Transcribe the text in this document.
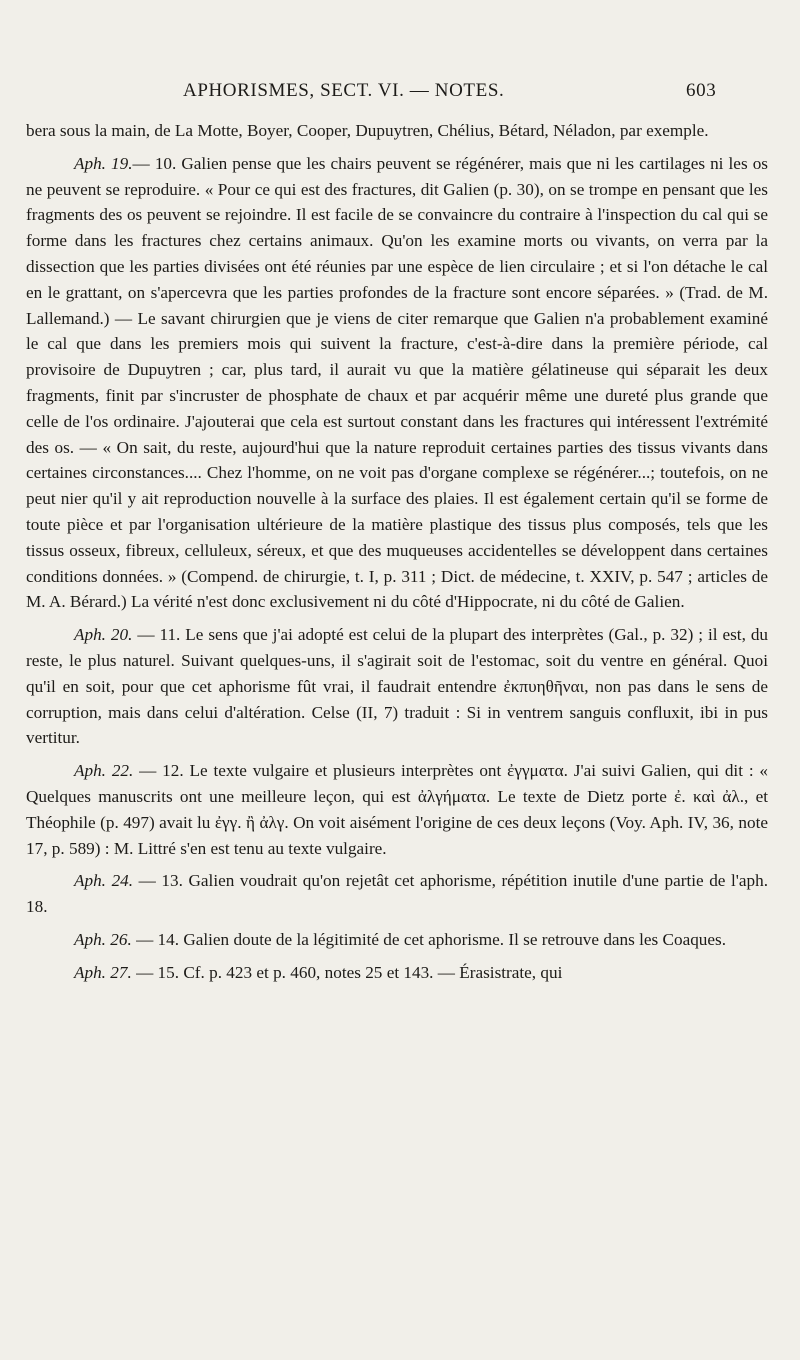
APHORISMES, SECT. VI. — NOTES.	603

bera sous la main, de La Motte, Boyer, Cooper, Dupuytren, Chélius, Bétard, Néladon, par exemple.

Aph. 19.— 10. Galien pense que les chairs peuvent se régénérer, mais que ni les cartilages ni les os ne peuvent se reproduire. « Pour ce qui est des fractures, dit Galien (p. 30), on se trompe en pensant que les fragments des os peuvent se rejoindre. Il est facile de se convaincre du contraire à l'inspection du cal qui se forme dans les fractures chez certains animaux. Qu'on les examine morts ou vivants, on verra par la dissection que les parties divisées ont été réunies par une espèce de lien circulaire ; et si l'on détache le cal en le grattant, on s'apercevra que les parties profondes de la fracture sont encore séparées. » (Trad. de M. Lallemand.) — Le savant chirurgien que je viens de citer remarque que Galien n'a probablement examiné le cal que dans les premiers mois qui suivent la fracture, c'est-à-dire dans la première période, cal provisoire de Dupuytren ; car, plus tard, il aurait vu que la matière gélatineuse qui séparait les deux fragments, finit par s'incruster de phosphate de chaux et par acquérir même une dureté plus grande que celle de l'os ordinaire. J'ajouterai que cela est surtout constant dans les fractures qui intéressent l'extrémité des os. — « On sait, du reste, aujourd'hui que la nature reproduit certaines parties des tissus vivants dans certaines circonstances.... Chez l'homme, on ne voit pas d'organe complexe se régénérer...; toutefois, on ne peut nier qu'il y ait reproduction nouvelle à la surface des plaies. Il est également certain qu'il se forme de toute pièce et par l'organisation ultérieure de la matière plastique des tissus plus composés, tels que les tissus osseux, fibreux, celluleux, séreux, et que des muqueuses accidentelles se développent dans certaines conditions données. » (Compend. de chirurgie, t. I, p. 311 ; Dict. de médecine, t. XXIV, p. 547 ; articles de M. A. Bérard.) La vérité n'est donc exclusivement ni du côté d'Hippocrate, ni du côté de Galien.

Aph. 20. — 11. Le sens que j'ai adopté est celui de la plupart des interprètes (Gal., p. 32) ; il est, du reste, le plus naturel. Suivant quelques-uns, il s'agirait soit de l'estomac, soit du ventre en général. Quoi qu'il en soit, pour que cet aphorisme fût vrai, il faudrait entendre ἐκπυηθῆναι, non pas dans le sens de corruption, mais dans celui d'altération. Celse (II, 7) traduit : Si in ventrem sanguis confluxit, ibi in pus vertitur.

Aph. 22. — 12. Le texte vulgaire et plusieurs interprètes ont ἐγγματα. J'ai suivi Galien, qui dit : « Quelques manuscrits ont une meilleure leçon, qui est ἀλγήματα. Le texte de Dietz porte ἐ. καὶ ἀλ., et Théophile (p. 497) avait lu ἐγγ. ἢ ἀλγ. On voit aisément l'origine de ces deux leçons (Voy. Aph. IV, 36, note 17, p. 589) : M. Littré s'en est tenu au texte vulgaire.

Aph. 24. — 13. Galien voudrait qu'on rejetât cet aphorisme, répétition inutile d'une partie de l'aph. 18.

Aph. 26. — 14. Galien doute de la légitimité de cet aphorisme. Il se retrouve dans les Coaques.

Aph. 27. — 15. Cf. p. 423 et p. 460, notes 25 et 143. — Érasistrate, qui
